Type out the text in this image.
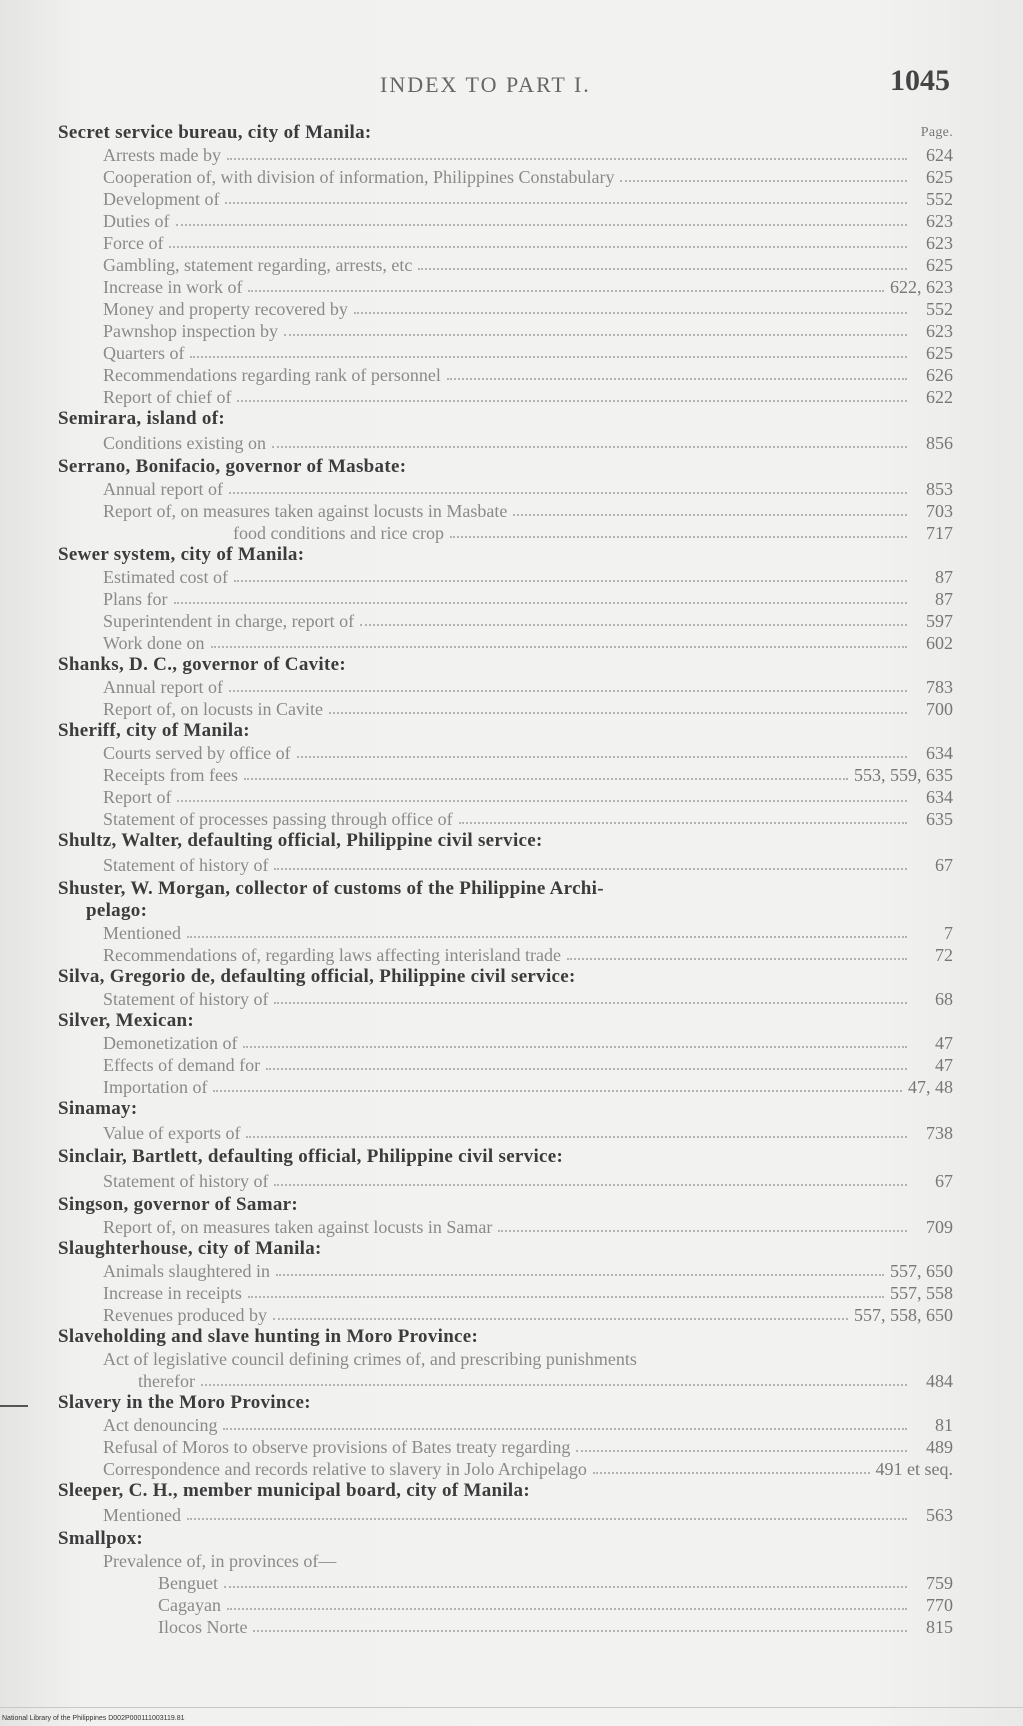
INDEX TO PART I.	1045
Secret service bureau, city of Manila:	Page.
Arrests made by	624
Cooperation of, with division of information, Philippines Constabulary	625
Development of	552
Duties of	623
Force of	623
Gambling, statement regarding, arrests, etc	625
Increase in work of	622, 623
Money and property recovered by	552
Pawnshop inspection by	623
Quarters of	625
Recommendations regarding rank of personnel	626
Report of chief of	622
Semirara, island of:
Conditions existing on	856
Serrano, Bonifacio, governor of Masbate:
Annual report of	853
Report of, on measures taken against locusts in Masbate	703
food conditions and rice crop	717
Sewer system, city of Manila:
Estimated cost of	87
Plans for	87
Superintendent in charge, report of	597
Work done on	602
Shanks, D. C., governor of Cavite:
Annual report of	783
Report of, on locusts in Cavite	700
Sheriff, city of Manila:
Courts served by office of	634
Receipts from fees	553, 559, 635
Report of	634
Statement of processes passing through office of	635
Shultz, Walter, defaulting official, Philippine civil service:
Statement of history of	67
Shuster, W. Morgan, collector of customs of the Philippine Archi-
pelago:
Mentioned	7
Recommendations of, regarding laws affecting interisland trade	72
Silva, Gregorio de, defaulting official, Philippine civil service:
Statement of history of	68
Silver, Mexican:
Demonetization of	47
Effects of demand for	47
Importation of	47, 48
Sinamay:
Value of exports of	738
Sinclair, Bartlett, defaulting official, Philippine civil service:
Statement of history of	67
Singson, governor of Samar:
Report of, on measures taken against locusts in Samar	709
Slaughterhouse, city of Manila:
Animals slaughtered in	557, 650
Increase in receipts	557, 558
Revenues produced by	557, 558, 650
Slaveholding and slave hunting in Moro Province:
Act of legislative council defining crimes of, and prescribing punishments
therefor	484
Slavery in the Moro Province:
Act denouncing	81
Refusal of Moros to observe provisions of Bates treaty regarding	489
Correspondence and records relative to slavery in Jolo Archipelago	491 et seq.
Sleeper, C. H., member municipal board, city of Manila:
Mentioned	563
Smallpox:
Prevalence of, in provinces of—
Benguet	759
Cagayan	770
Ilocos Norte	815
National Library of the Philippines D002P000111003119.81
